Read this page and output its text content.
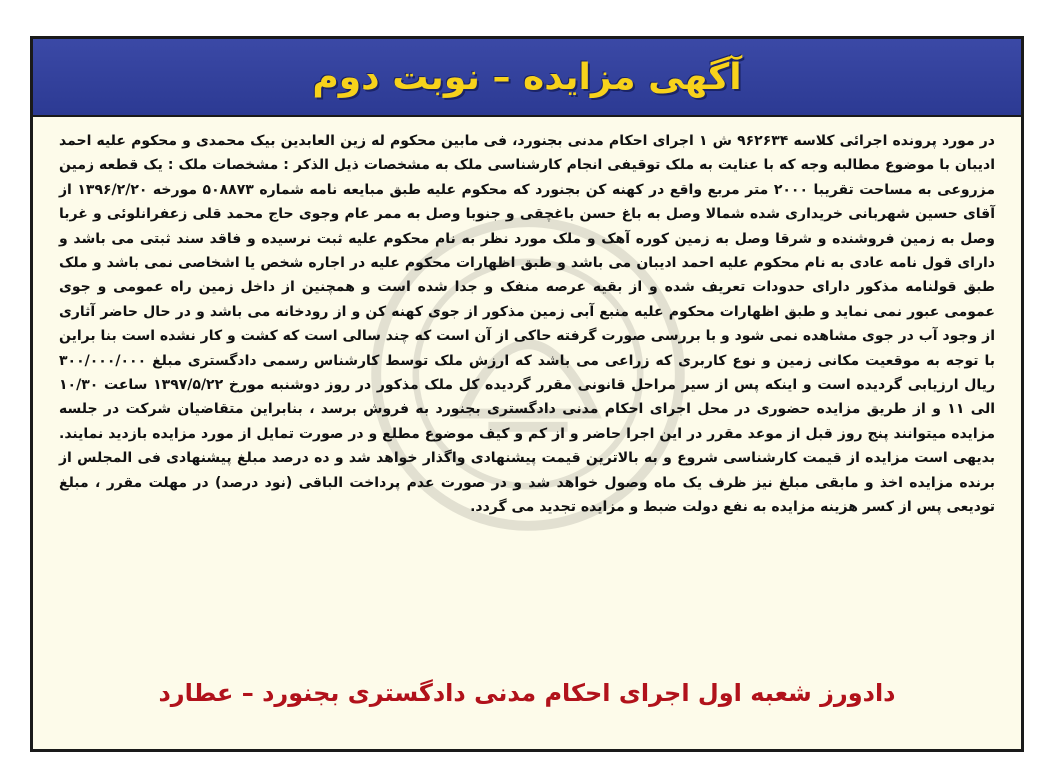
آگهی مزایده – نوبت دوم

در مورد پرونده اجرائی کلاسه ۹۶۲۶۳۴ ش ۱ اجرای احکام مدنی بجنورد، فی مابین محکوم له زین العابدین بیک محمدی و محکوم علیه احمد ادیبان با موضوع مطالبه وجه که با عنایت به ملک توقیفی انجام کارشناسی ملک به مشخصات ذیل الذکر : مشخصات ملک : یک قطعه زمین مزروعی به مساحت تقریبا ۲۰۰۰ متر مربع واقع در کهنه کن بجنورد که محکوم علیه طبق مبایعه نامه شماره ۵۰۸۸۷۳ مورخه ۱۳۹۶/۲/۲۰ از آقای حسین شهربانی خریداری شده شمالا وصل به باغ حسن باغچقی و جنوبا وصل به ممر عام وجوی حاج محمد قلی زعفرانلوئی و غربا وصل به زمین فروشنده و شرقا وصل به زمین کوره آهک و ملک مورد نظر به نام محکوم علیه ثبت نرسیده و فاقد سند ثبتی می باشد و دارای قول نامه عادی به نام محکوم علیه احمد ادیبان می باشد و طبق اظهارات محکوم علیه در اجاره شخص یا اشخاصی نمی باشد و ملک طبق قولنامه مذکور دارای حدودات تعریف شده و از بقیه عرصه منفک و جدا شده است و همچنین از داخل زمین راه عمومی و جوی عمومی عبور نمی نماید و طبق اظهارات محکوم علیه منبع آبی زمین مذکور از جوی کهنه کن و از رودخانه می باشد و در حال حاضر آثاری از وجود آب در جوی مشاهده نمی شود و با بررسی صورت گرفته حاکی از آن است که چند سالی است که کشت و کار نشده است بنا براین با توجه به موقعیت مکانی زمین و نوع کاربری که زراعی می باشد که ارزش ملک توسط کارشناس رسمی دادگستری مبلغ ۳۰۰/۰۰۰/۰۰۰ ریال ارزیابی گردیده است و اینکه پس از سیر مراحل قانونی مقرر گردیده کل ملک مذکور در روز دوشنبه مورخ ۱۳۹۷/۵/۲۲ ساعت ۱۰/۳۰ الی ۱۱ و از طریق مزایده حضوری در محل اجرای احکام مدنی دادگستری بجنورد به فروش برسد ، بنابراین متقاضیان شرکت در جلسه مزایده میتوانند پنج روز قبل از موعد مقرر در این اجرا حاضر و از کم و کیف موضوع مطلع و در صورت تمایل از مورد مزایده بازدید نمایند. بدیهی است مزایده از قیمت کارشناسی شروع و به بالاترین قیمت پیشنهادی واگذار خواهد شد و ده درصد مبلغ پیشنهادی فی المجلس از برنده مزایده اخذ و مابقی مبلغ نیز ظرف یک ماه وصول خواهد شد و در صورت عدم پرداخت الباقی (نود درصد) در مهلت مقرر ، مبلغ تودیعی پس از کسر هزینه مزایده به نفع دولت ضبط و مزایده تجدید می گردد.

دادورز شعبه اول اجرای احکام مدنی دادگستری بجنورد – عطارد
